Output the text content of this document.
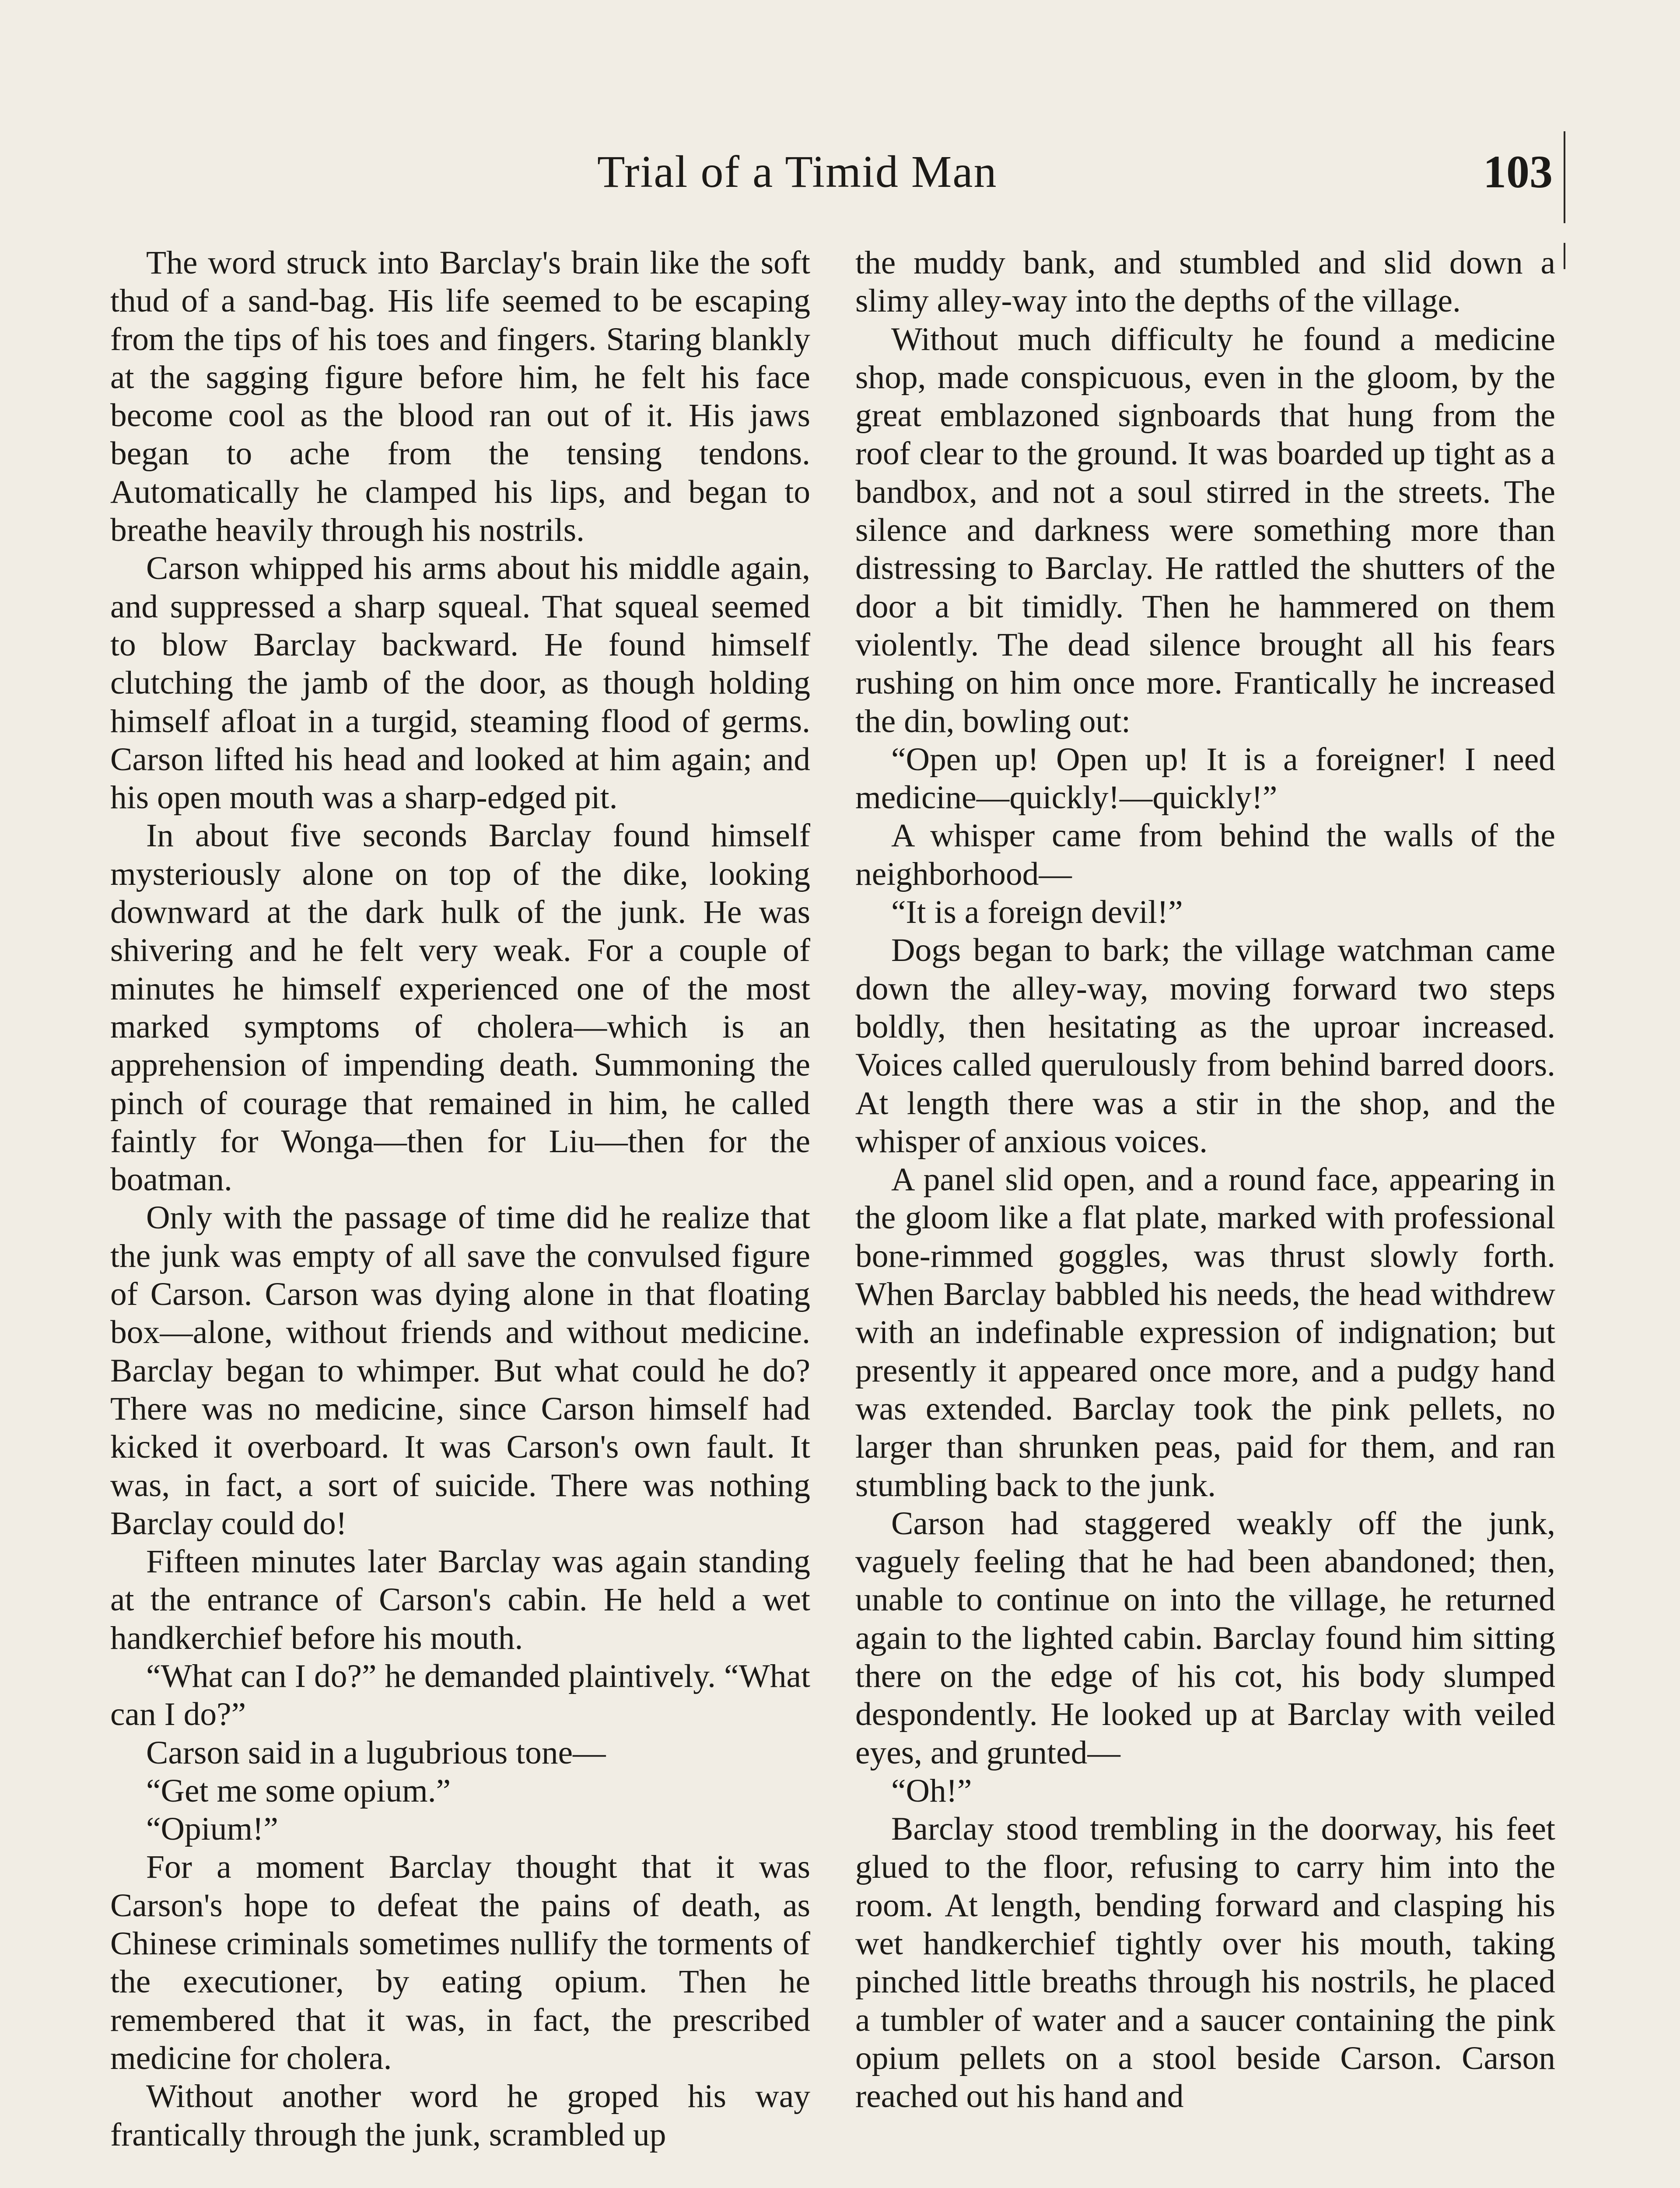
Trial of a Timid Man	103

The word struck into Barclay's brain like the soft thud of a sand-bag. His life seemed to be escaping from the tips of his toes and fingers. Staring blankly at the sagging figure before him, he felt his face become cool as the blood ran out of it. His jaws began to ache from the tensing tendons. Automatically he clamped his lips, and began to breathe heavily through his nostrils.

Carson whipped his arms about his middle again, and suppressed a sharp squeal. That squeal seemed to blow Barclay backward. He found himself clutching the jamb of the door, as though holding himself afloat in a turgid, steaming flood of germs. Carson lifted his head and looked at him again; and his open mouth was a sharp-edged pit.

In about five seconds Barclay found himself mysteriously alone on top of the dike, looking downward at the dark hulk of the junk. He was shivering and he felt very weak. For a couple of minutes he himself experienced one of the most marked symptoms of cholera—which is an apprehension of impending death. Summoning the pinch of courage that remained in him, he called faintly for Wonga—then for Liu—then for the boatman.

Only with the passage of time did he realize that the junk was empty of all save the convulsed figure of Carson. Carson was dying alone in that floating box—alone, without friends and without medicine. Barclay began to whimper. But what could he do? There was no medicine, since Carson himself had kicked it overboard. It was Carson's own fault. It was, in fact, a sort of suicide. There was nothing Barclay could do!

Fifteen minutes later Barclay was again standing at the entrance of Carson's cabin. He held a wet handkerchief before his mouth.

“What can I do?” he demanded plaintively. “What can I do?”

Carson said in a lugubrious tone—

“Get me some opium.”

“Opium!”

For a moment Barclay thought that it was Carson's hope to defeat the pains of death, as Chinese criminals sometimes nullify the torments of the executioner, by eating opium. Then he remembered that it was, in fact, the prescribed medicine for cholera.

Without another word he groped his way frantically through the junk, scrambled up

the muddy bank, and stumbled and slid down a slimy alley-way into the depths of the village.

Without much difficulty he found a medicine shop, made conspicuous, even in the gloom, by the great emblazoned signboards that hung from the roof clear to the ground. It was boarded up tight as a bandbox, and not a soul stirred in the streets. The silence and darkness were something more than distressing to Barclay. He rattled the shutters of the door a bit timidly. Then he hammered on them violently. The dead silence brought all his fears rushing on him once more. Frantically he increased the din, bowling out:

“Open up! Open up! It is a foreigner! I need medicine—quickly!—quickly!”

A whisper came from behind the walls of the neighborhood—

“It is a foreign devil!”

Dogs began to bark; the village watchman came down the alley-way, moving forward two steps boldly, then hesitating as the uproar increased. Voices called querulously from behind barred doors. At length there was a stir in the shop, and the whisper of anxious voices.

A panel slid open, and a round face, appearing in the gloom like a flat plate, marked with professional bone-rimmed goggles, was thrust slowly forth. When Barclay babbled his needs, the head withdrew with an indefinable expression of indignation; but presently it appeared once more, and a pudgy hand was extended. Barclay took the pink pellets, no larger than shrunken peas, paid for them, and ran stumbling back to the junk.

Carson had staggered weakly off the junk, vaguely feeling that he had been abandoned; then, unable to continue on into the village, he returned again to the lighted cabin. Barclay found him sitting there on the edge of his cot, his body slumped despondently. He looked up at Barclay with veiled eyes, and grunted—

“Oh!”

Barclay stood trembling in the doorway, his feet glued to the floor, refusing to carry him into the room. At length, bending forward and clasping his wet handkerchief tightly over his mouth, taking pinched little breaths through his nostrils, he placed a tumbler of water and a saucer containing the pink opium pellets on a stool beside Carson. Carson reached out his hand and
